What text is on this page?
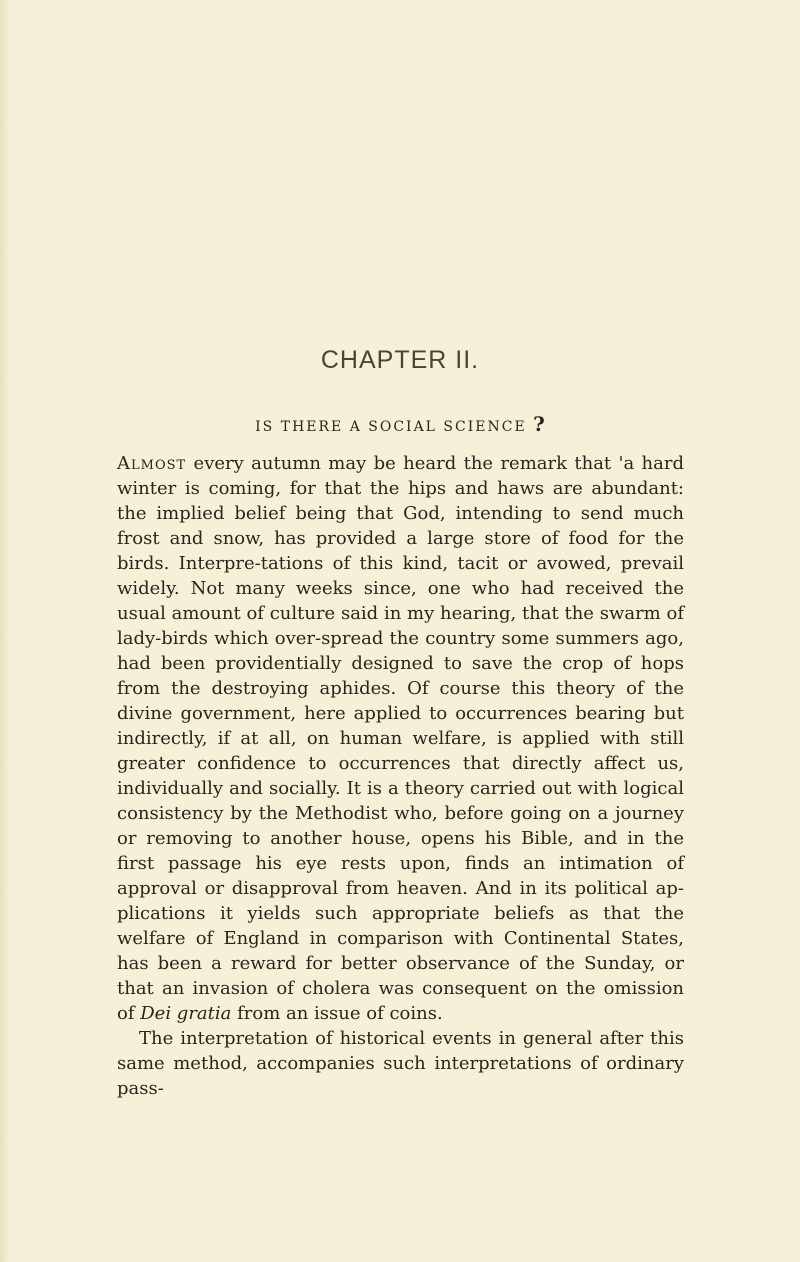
CHAPTER II.
IS THERE A SOCIAL SCIENCE ?

Almost every autumn may be heard the remark that 'a hard winter is coming, for that the hips and haws are abundant: the implied belief being that God, intending to send much frost and snow, has provided a large store of food for the birds. Interpre-tations of this kind, tacit or avowed, prevail widely. Not many weeks since, one who had received the usual amount of culture said in my hearing, that the swarm of lady-birds which over-spread the country some summers ago, had been providentially designed to save the crop of hops from the destroying aphides. Of course this theory of the divine government, here applied to occurrences bearing but indirectly, if at all, on human welfare, is applied with still greater confidence to occurrences that directly affect us, individually and socially. It is a theory carried out with logical consistency by the Methodist who, before going on a journey or removing to another house, opens his Bible, and in the first passage his eye rests upon, finds an intimation of approval or disapproval from heaven. And in its political ap-plications it yields such appropriate beliefs as that the welfare of England in comparison with Continental States, has been a reward for better observance of the Sunday, or that an invasion of cholera was consequent on the omission of Dei gratia from an issue of coins.

The interpretation of historical events in general after this same method, accompanies such interpretations of ordinary pass-
